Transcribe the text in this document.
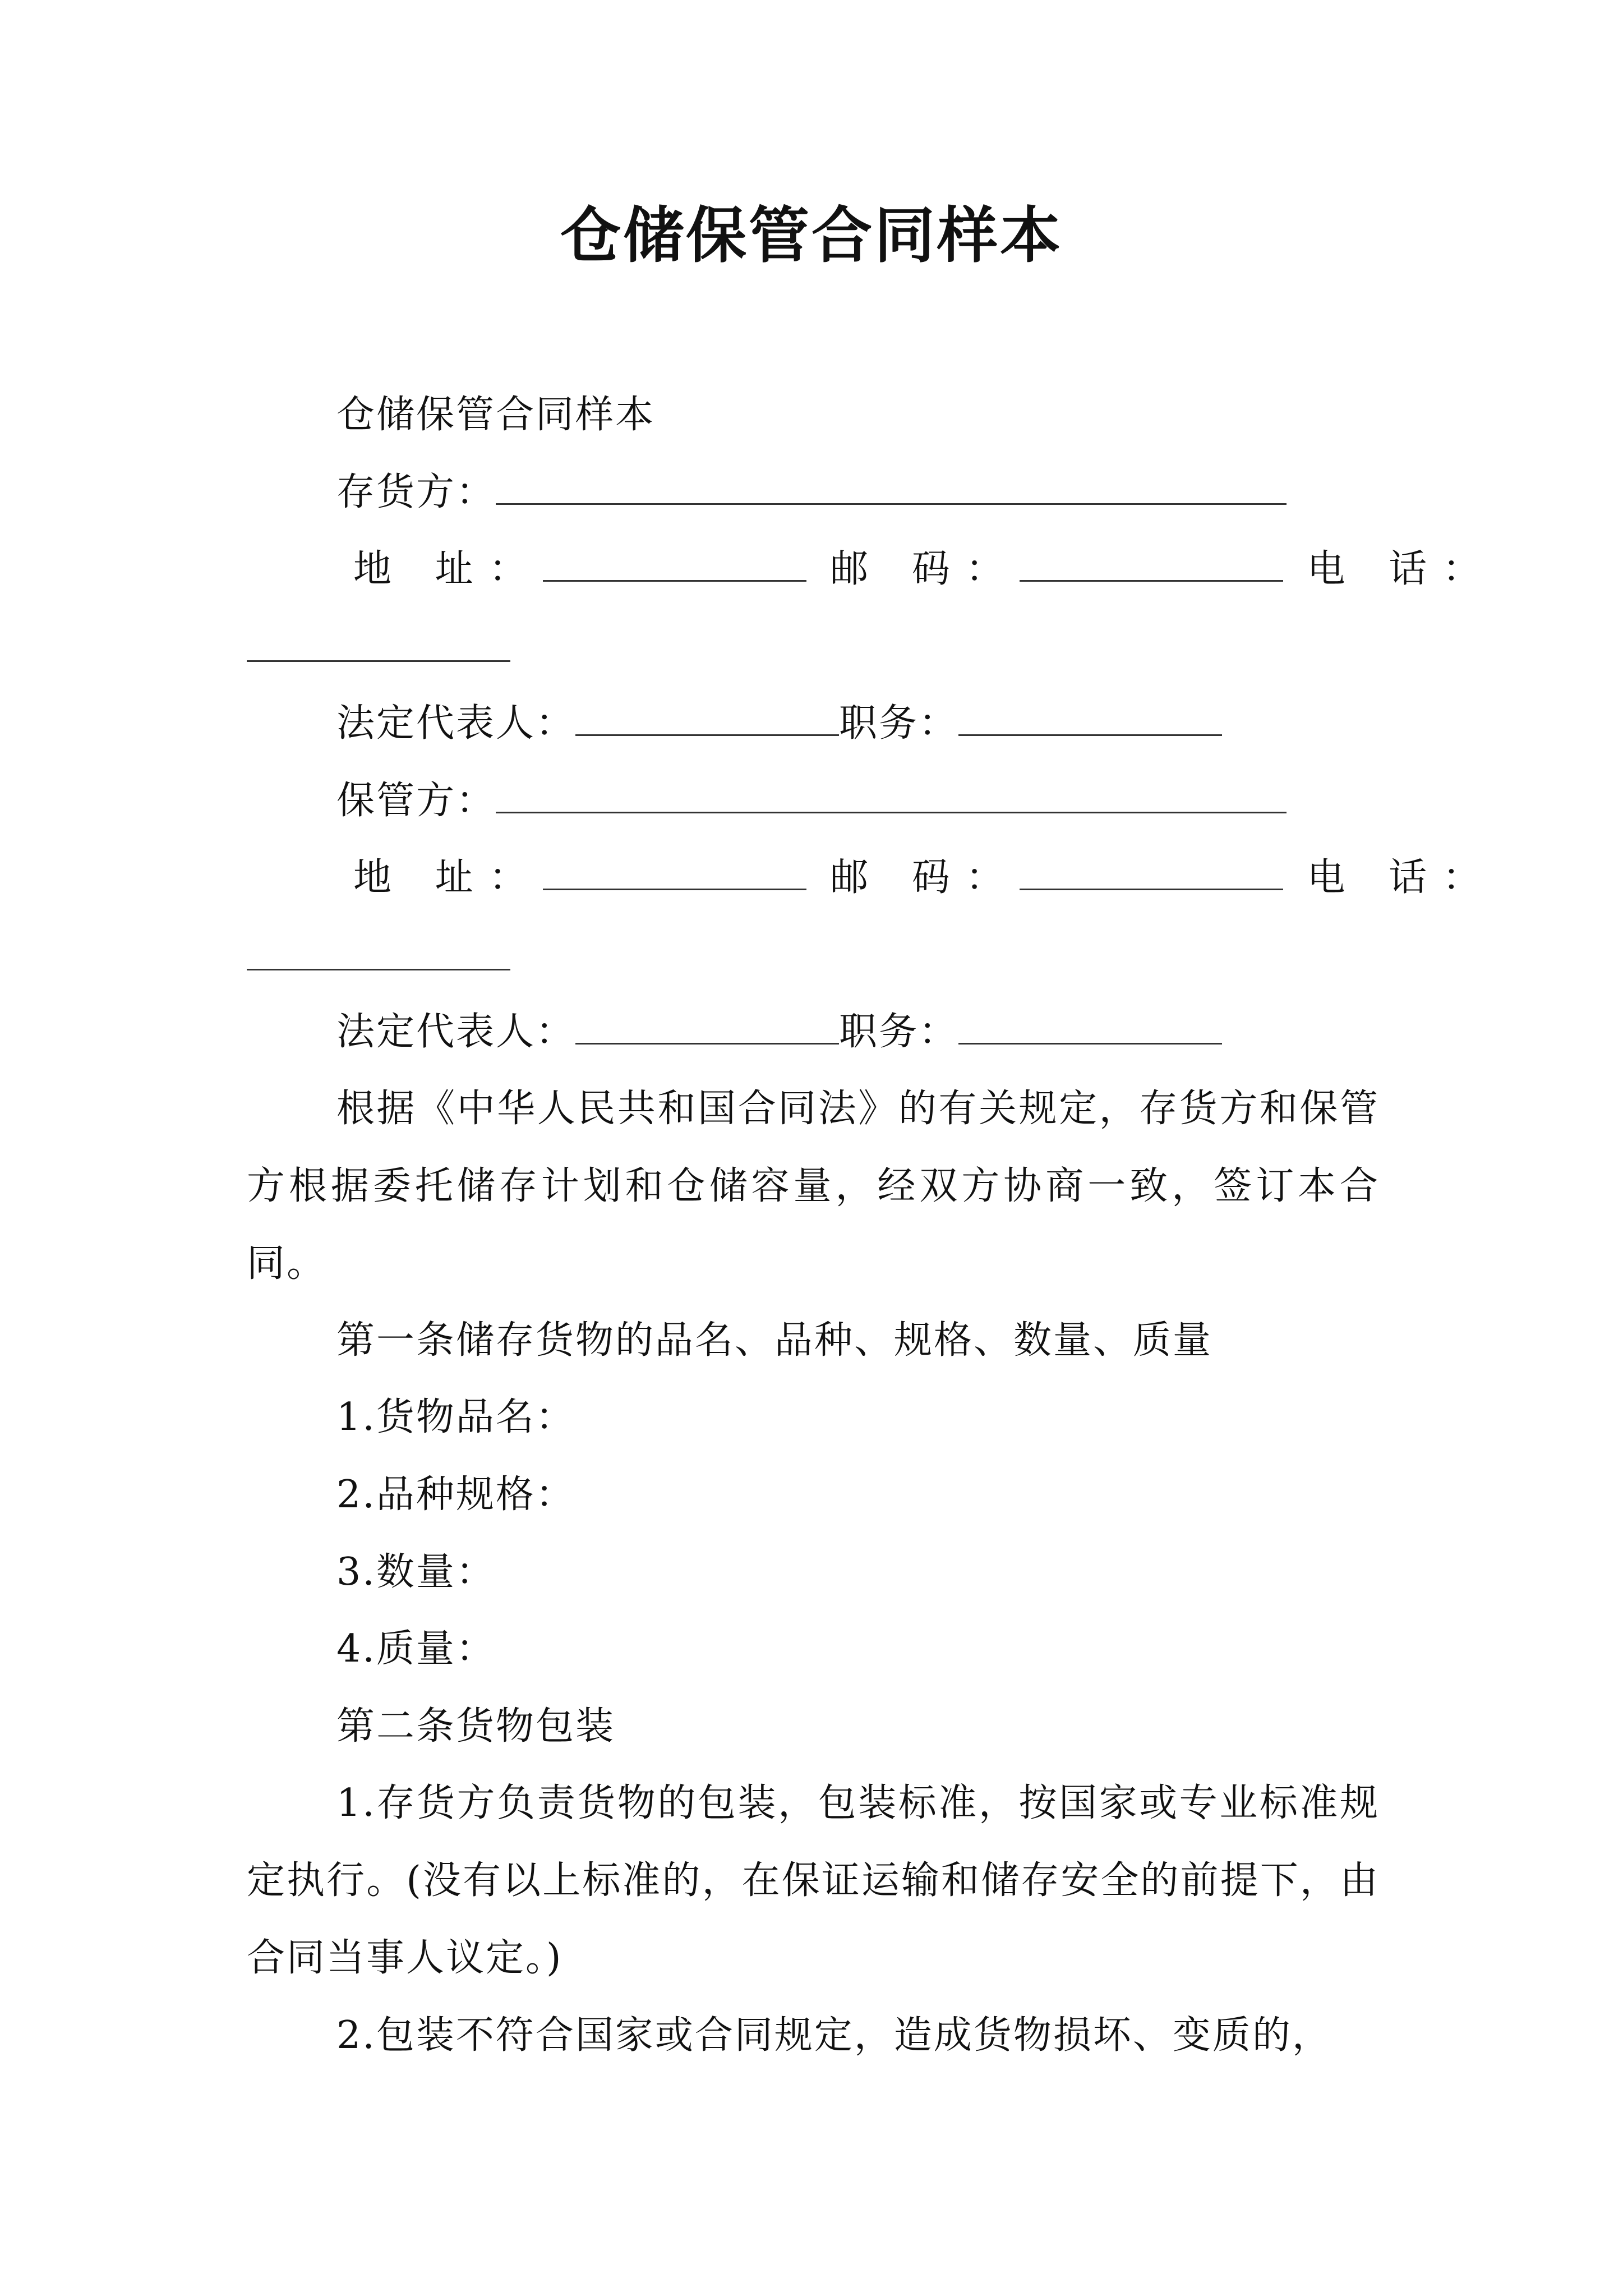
仓储保管合同样本
仓储保管合同样本
存货方：
地 址：	邮 码：	电 话：
法定代表人：	职务：
保管方：
地 址：	邮 码：	电 话：
法定代表人：	职务：
根据《中华人民共和国合同法》的有关规定，存货方和保管方根据委托储存计划和仓储容量，经双方协商一致，签订本合同。
第一条储存货物的品名、品种、规格、数量、质量
1.货物品名：
2.品种规格：
3.数量：
4.质量：
第二条货物包装
1.存货方负责货物的包装，包装标准，按国家或专业标准规定执行。(没有以上标准的，在保证运输和储存安全的前提下，由合同当事人议定。)
2.包装不符合国家或合同规定，造成货物损坏、变质的，
